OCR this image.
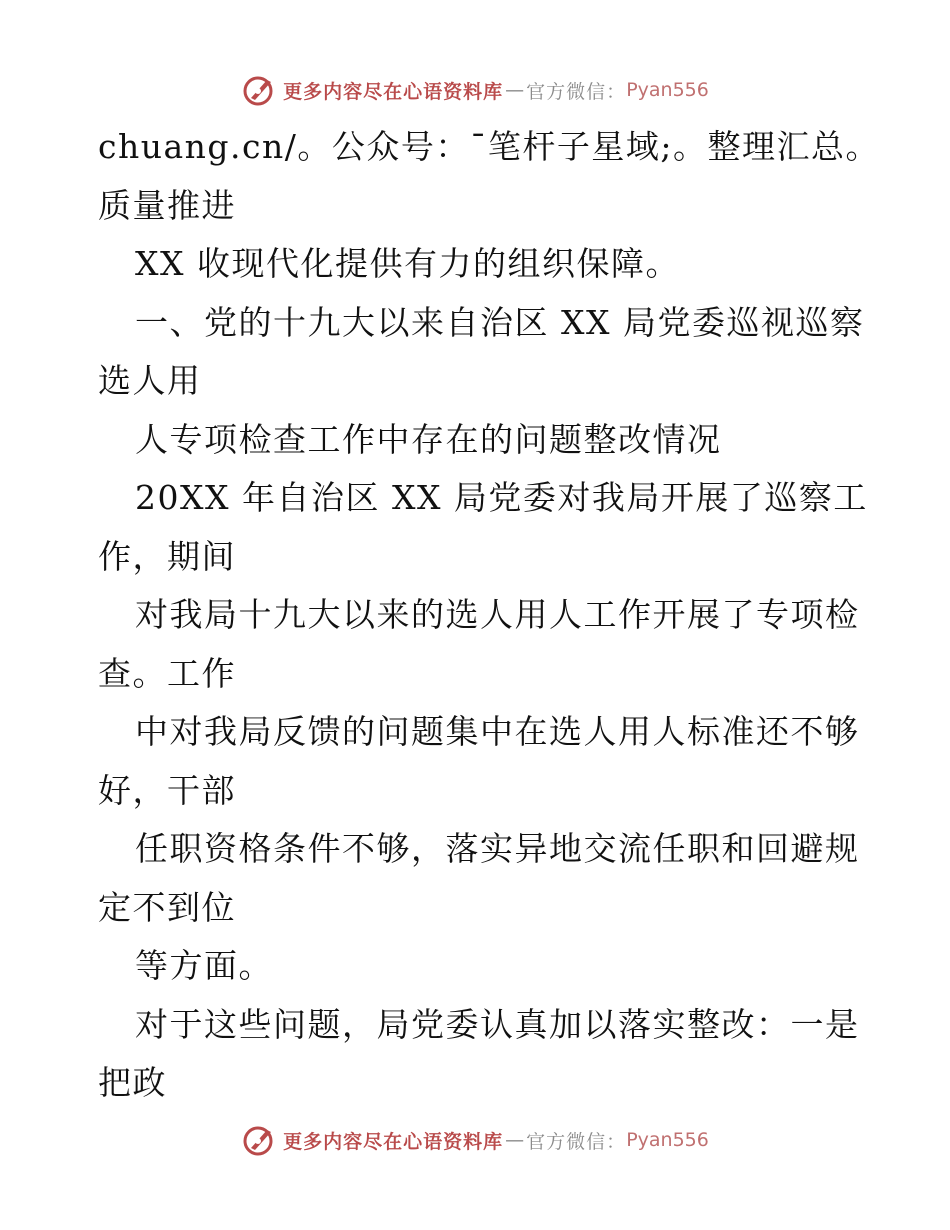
更多内容尽在心语资料库 — 官方微信： Pyan556
chuang.cn/。公众号：¯笔杆子星域;。整理汇总。
质量推进
XX 收现代化提供有力的组织保障。
一、党的十九大以来自治区 XX 局党委巡视巡察
选人用
人专项检查工作中存在的问题整改情况
20XX 年自治区 XX 局党委对我局开展了巡察工
作，期间
对我局十九大以来的选人用人工作开展了专项检
查。工作
中对我局反馈的问题集中在选人用人标准还不够
好，干部
任职资格条件不够，落实异地交流任职和回避规
定不到位
等方面。
对于这些问题，局党委认真加以落实整改：一是
把政
更多内容尽在心语资料库 — 官方微信： Pyan556
